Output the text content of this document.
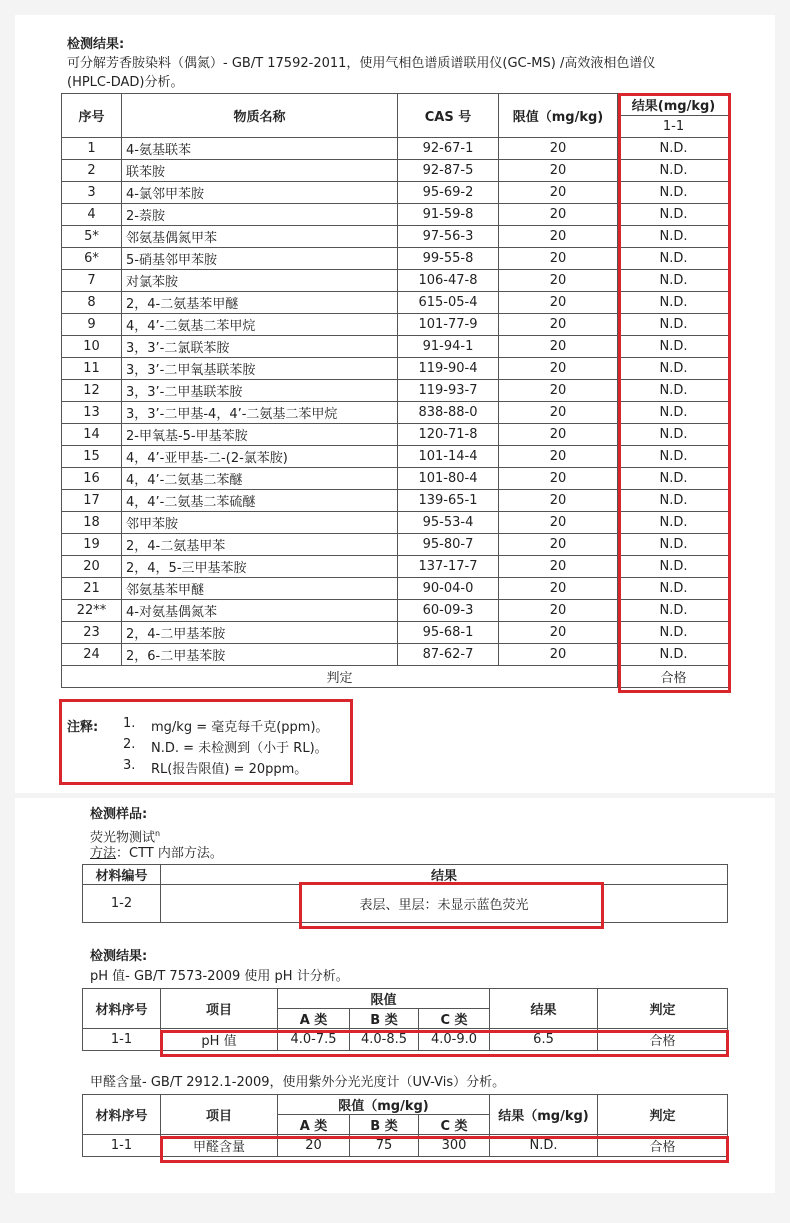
检测结果:
可分解芳香胺染料（偶氮）- GB/T 17592-2011，使用气相色谱质谱联用仪(GC-MS) /高效液相色谱仪
(HPLC-DAD)分析。
序号	物质名称	CAS 号	限值（mg/kg)	结果(mg/kg)
				1-1
1	4-氨基联苯	92-67-1	20	N.D.
2	联苯胺	92-87-5	20	N.D.
3	4-氯邻甲苯胺	95-69-2	20	N.D.
4	2-萘胺	91-59-8	20	N.D.
5*	邻氨基偶氮甲苯	97-56-3	20	N.D.
6*	5-硝基邻甲苯胺	99-55-8	20	N.D.
7	对氯苯胺	106-47-8	20	N.D.
8	2，4-二氨基苯甲醚	615-05-4	20	N.D.
9	4，4’-二氨基二苯甲烷	101-77-9	20	N.D.
10	3，3’-二氯联苯胺	91-94-1	20	N.D.
11	3，3’-二甲氧基联苯胺	119-90-4	20	N.D.
12	3，3’-二甲基联苯胺	119-93-7	20	N.D.
13	3，3’-二甲基-4，4’-二氨基二苯甲烷	838-88-0	20	N.D.
14	2-甲氧基-5-甲基苯胺	120-71-8	20	N.D.
15	4，4’-亚甲基-二-(2-氯苯胺)	101-14-4	20	N.D.
16	4，4’-二氨基二苯醚	101-80-4	20	N.D.
17	4，4’-二氨基二苯硫醚	139-65-1	20	N.D.
18	邻甲苯胺	95-53-4	20	N.D.
19	2，4-二氨基甲苯	95-80-7	20	N.D.
20	2，4，5-三甲基苯胺	137-17-7	20	N.D.
21	邻氨基苯甲醚	90-04-0	20	N.D.
22**	4-对氨基偶氮苯	60-09-3	20	N.D.
23	2，4-二甲基苯胺	95-68-1	20	N.D.
24	2，6-二甲基苯胺	87-62-7	20	N.D.
判定				合格
注释: 1. mg/kg = 毫克每千克(ppm)。
2. N.D. = 未检测到（小于 RL)。
3. RL(报告限值) = 20ppm。
检测样品:
荧光物测试$^n$
方法：CTT 内部方法。
材料编号	结果
1-2	表层、里层：未显示蓝色荧光
检测结果:
pH 值- GB/T 7573-2009 使用 pH 计分析。
材料序号	项目	限值			结果	判定
		A 类	B 类	C 类		
1-1	pH 值	4.0-7.5	4.0-8.5	4.0-9.0	6.5	合格
甲醛含量- GB/T 2912.1-2009，使用紫外分光光度计（UV-Vis）分析。
材料序号	项目	限值（mg/kg)			结果（mg/kg)	判定
		A 类	B 类	C 类		
1-1	甲醛含量	20	75	300	N.D.	合格
